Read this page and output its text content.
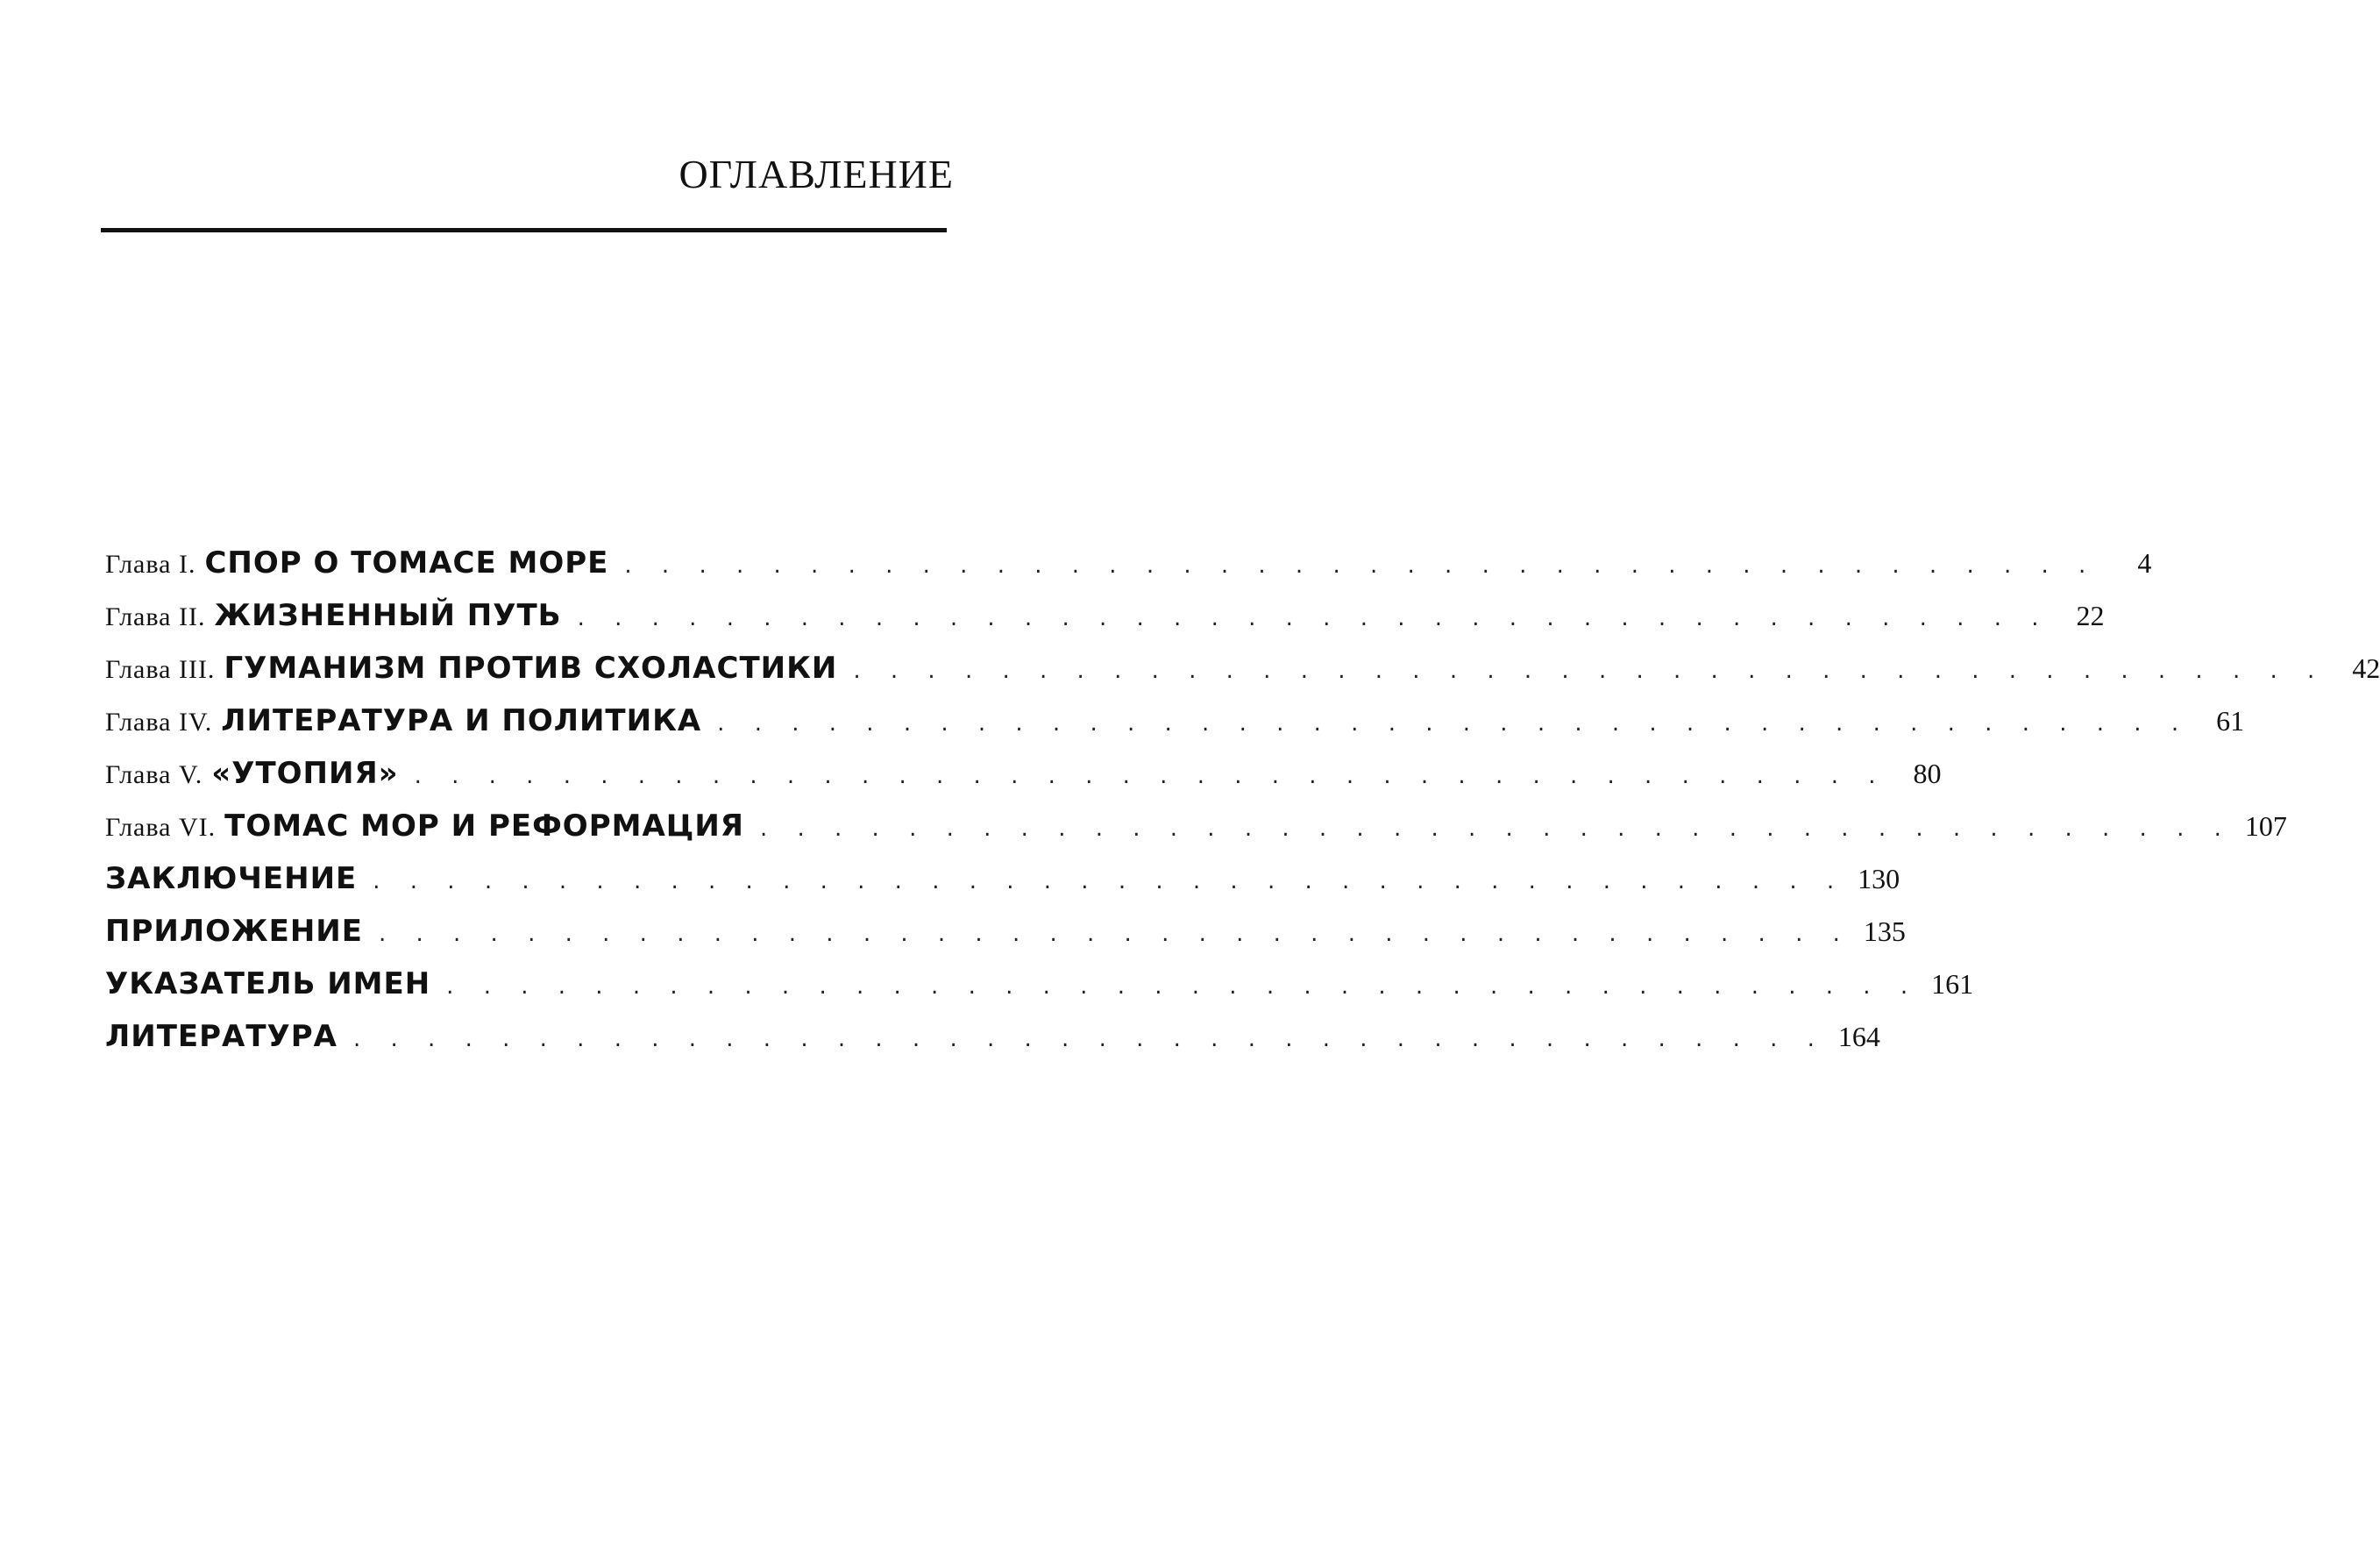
ОГЛАВЛЕНИЕ
Глава I. СПОР О ТОМАСЕ МОРЕ . . . . . . . . . . . . . . . . . . . . . . . . . . . . . . . . . . . . . . . .	4
Глава II. ЖИЗНЕННЫЙ ПУТЬ . . . . . . . . . . . . . . . . . . . . . . . . . . . . . . . . . . . . . . . . 22
Глава III. ГУМАНИЗМ ПРОТИВ СХОЛАСТИКИ . . . . . . . . . . . . . . . . . . . . . . . . . . . . . . . . . . . . . . . . 42
Глава IV. ЛИТЕРАТУРА И ПОЛИТИКА . . . . . . . . . . . . . . . . . . . . . . . . . . . . . . . . . . . . . . . . 61
Глава V. «УТОПИЯ» . . . . . . . . . . . . . . . . . . . . . . . . . . . . . . . . . . . . . . . . 80
Глава VI. ТОМАС МОР И РЕФОРМАЦИЯ . . . . . . . . . . . . . . . . . . . . . . . . . . . . . . . . . . . . . . . . 107
ЗАКЛЮЧЕНИЕ . . . . . . . . . . . . . . . . . . . . . . . . . . . . . . . . . . . . . . . . 130
ПРИЛОЖЕНИЕ . . . . . . . . . . . . . . . . . . . . . . . . . . . . . . . . . . . . . . . . 135
УКАЗАТЕЛЬ ИМЕН . . . . . . . . . . . . . . . . . . . . . . . . . . . . . . . . . . . . . . . . 161
ЛИТЕРАТУРА . . . . . . . . . . . . . . . . . . . . . . . . . . . . . . . . . . . . . . . . 164
